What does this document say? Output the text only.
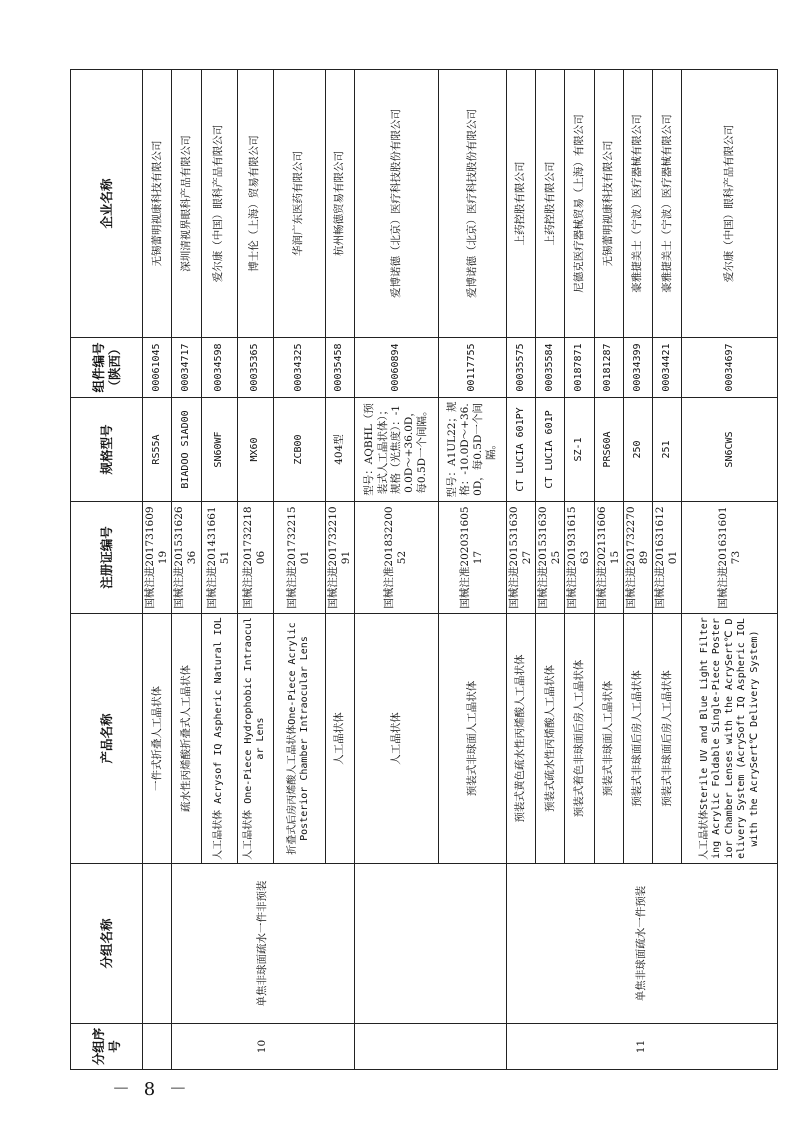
分组序号	分组名称	产品名称	注册证编号	规格型号	组件编号（陕西）	企业名称
		一件式折叠人工晶状体	国械注进20173160919	RS55A	00061045	无锡蕾明视康科技有限公司
10	单焦非球面疏水一件非预装	疏水性丙烯酸折叠式人工晶状体	国械注进20153162636	BIADOO S1AD00	00034717	深圳清视界眼科产品有限公司
		人工晶状体 Acrysof IQ Aspheric Natural IOL	国械注进20143166151	SN60WF	00034598	爱尔康（中国）眼科产品有限公司
		人工晶状体 One-Piece Hydrophobic Intraocular Lens	国械注进20173221806	MX60	00035365	博士伦（上海）贸易有限公司
		折叠式后房丙烯酸人工晶状体One-Piece Acrylic Posterior Chamber Intraocular Lens	国械注进20173221501	ZCB00	00034325	华润广东医药有限公司
		人工晶状体	国械注进20173221091	404型	00035458	杭州畅德贸易有限公司
		人工晶状体	国械注准20183220052	型号：AQBHL（预装式人工晶状体）；规格（光焦度）：-10.0D～+36.0D，每0.5D一个间隔。	00060894	爱博诺德（北京）医疗科技股份有限公司
		预装式非球面人工晶状体	国械注准20203160517	型号：A1UL22；规格：-10.0D～+36.0D，每0.5D一个间隔。	00117755	爱博诺德（北京）医疗科技股份有限公司
11	单焦非球面疏水一件预装	预装式黄色疏水性丙烯酸人工晶状体	国械注进20153163027	CT LUCIA 601PY	00035575	上药控股有限公司
		预装式疏水性丙烯酸人工晶状体	国械注进20153163025	CT LUCIA 601P	00035584	上药控股有限公司
		预装式着色非球面后房人工晶状体	国械注进20193161563	SZ-1	00187871	尼德克医疗器械贸易（上海）有限公司
		预装式非球面人工晶状体	国械注进20213160615	PRS60A	00181287	无锡蕾明视康科技有限公司
		预装式非球面后房人工晶状体	国械注进20173227089	250	00034399	豪雅捷美士（宁波）医疗器械有限公司
		预装式非球面后房人工晶状体	国械注进20163161201	251	00034421	豪雅捷美士（宁波）医疗器械有限公司
		人工晶状体Sterile UV and Blue Light Filtering Acrylic Foldable Single-Piece Posterior Chamber Lenses with the AcrySert℃ Delivery System (AcrySoft IQ Aspheric IOL with the AcrySert℃ Delivery System)	国械注进20163160173	SN6CWS	00034697	爱尔康（中国）眼科产品有限公司
－ 8 －
